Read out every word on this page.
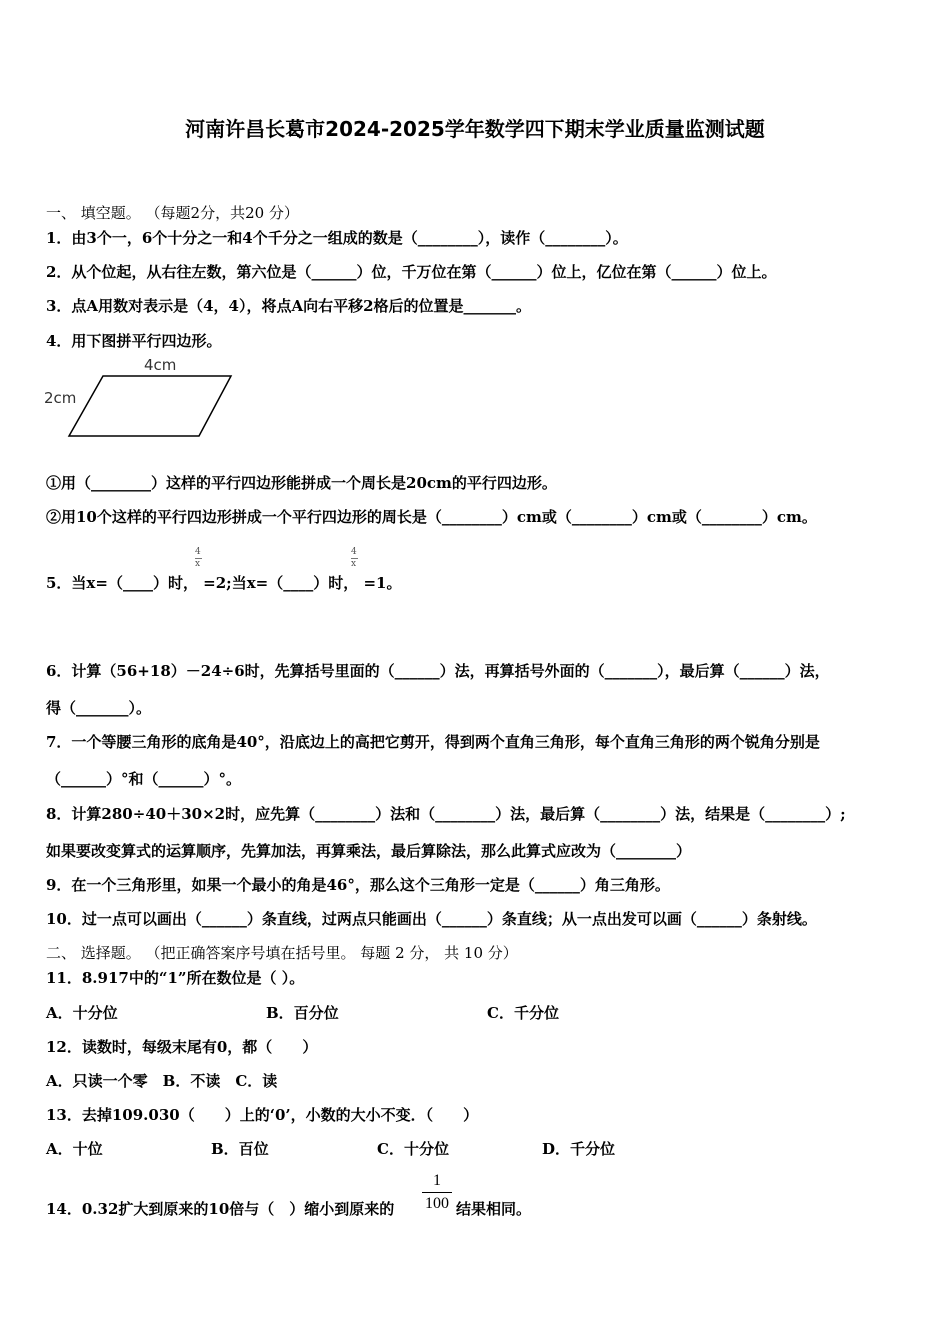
河南许昌长葛市2024-2025学年数学四下期末学业质量监测试题
一、 填空题。 （每题2分，共20 分）
1．由3个一，6个十分之一和4个千分之一组成的数是（________），读作（________）。
2．从个位起，从右往左数，第六位是（______）位，千万位在第（______）位上，亿位在第（______）位上。
3．点A用数对表示是（4，4），将点A向右平移2格后的位置是_______。
4．用下图拼平行四边形。
4cm
2cm
①用（________）这样的平行四边形能拼成一个周长是20cm的平行四边形。
②用10个这样的平行四边形拼成一个平行四边形的周长是（________）cm或（________）cm或（________）cm。
5．当x=（____）时， =2;当x=（____）时， =1。
4
x
4
x
6．计算（56+18）－24÷6时，先算括号里面的（______）法，再算括号外面的（_______），最后算（______）法，
得（_______）。
7．一个等腰三角形的底角是40°，沿底边上的高把它剪开，得到两个直角三角形，每个直角三角形的两个锐角分别是
（______）°和（______）°。
8．计算280÷40＋30×2时，应先算（________）法和（________）法，最后算（________）法，结果是（________）;
如果要改变算式的运算顺序，先算加法，再算乘法，最后算除法，那么此算式应改为（________）
9．在一个三角形里，如果一个最小的角是46°，那么这个三角形一定是（______）角三角形。
10．过一点可以画出（______）条直线，过两点只能画出（______）条直线；从一点出发可以画（______）条射线。
二、 选择题。 （把正确答案序号填在括号里。 每题 2 分， 共 10 分）
11．8.917中的“1”所在数位是（ ）。
A．十分位	B．百分位	C．千分位
12．读数时，每级末尾有0，都（　　）
A．只读一个零　B．不读　C．读
13．去掉109.030（　　）上的‘0’，小数的大小不变．（　　）
A．十位	B．百位	C．十分位	D．千分位
14．0.32扩大到原来的10倍与（　）缩小到原来的
1
100 结果相同。
